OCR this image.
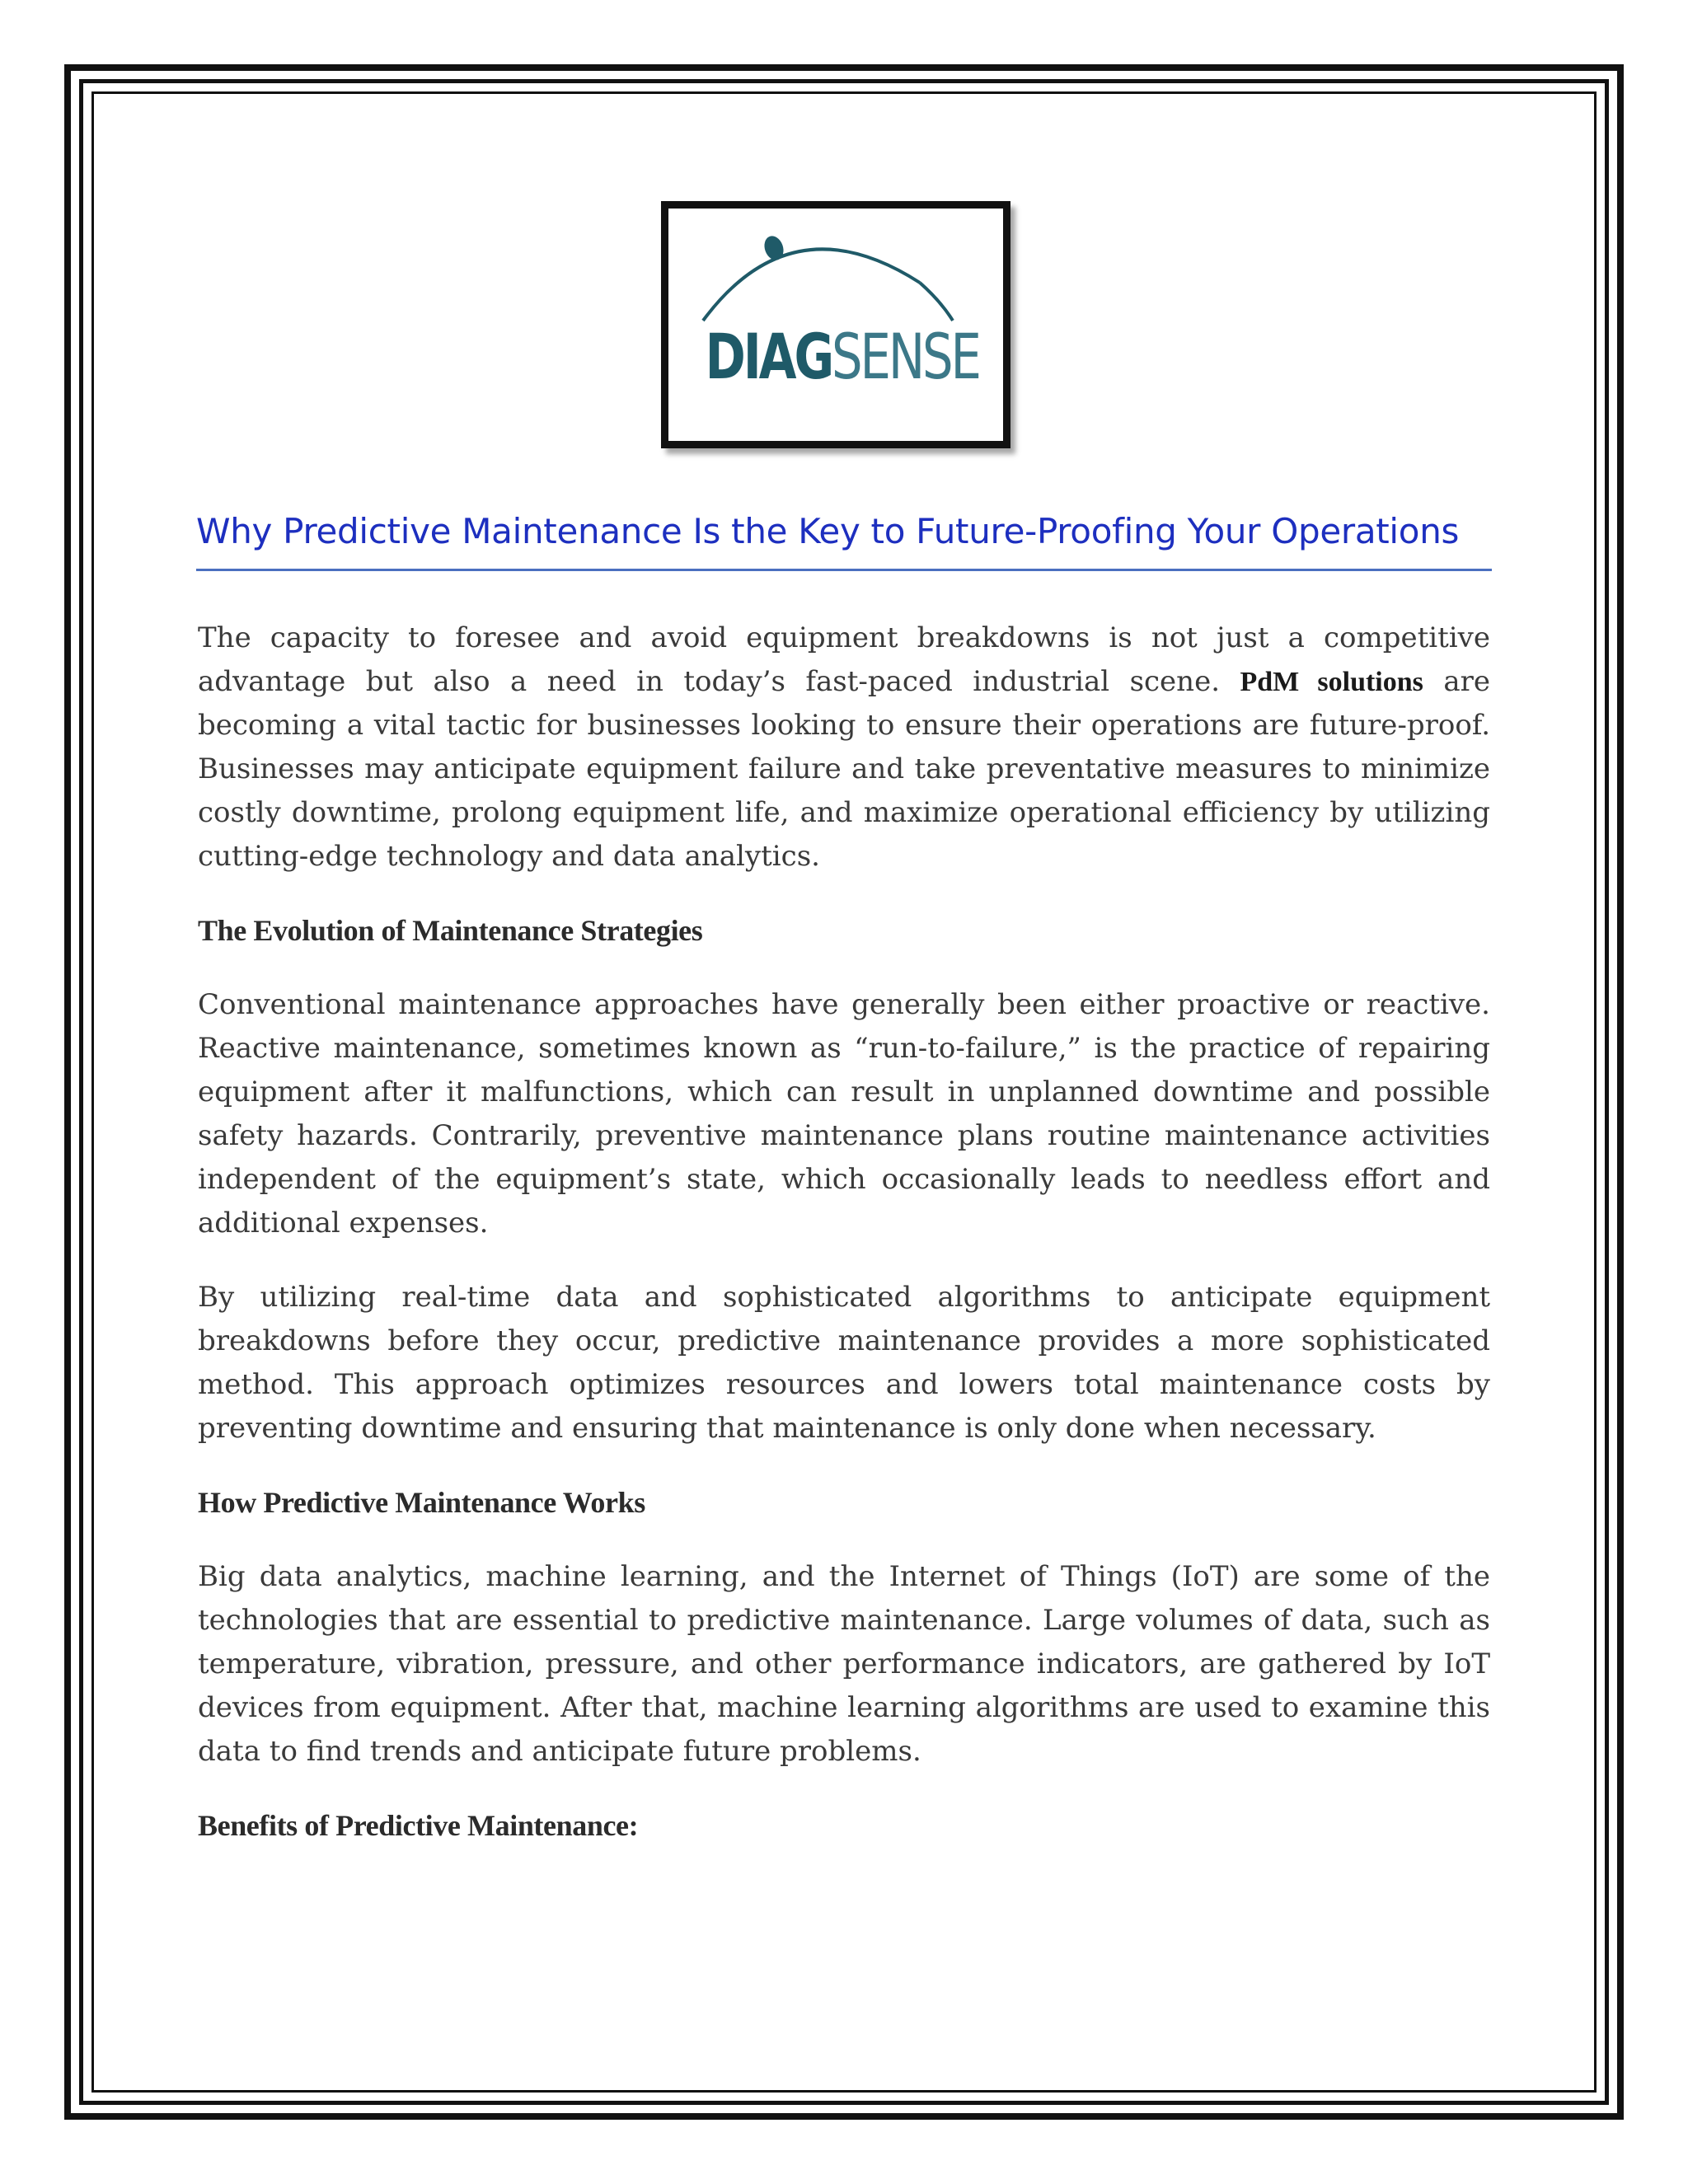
DIAGSENSE
Why Predictive Maintenance Is the Key to Future-Proofing Your Operations

The capacity to foresee and avoid equipment breakdowns is not just a competitive advantage but also a need in today’s fast-paced industrial scene. PdM solutions are becoming a vital tactic for businesses looking to ensure their operations are future-proof. Businesses may anticipate equipment failure and take preventative measures to minimize costly downtime, prolong equipment life, and maximize operational efficiency by utilizing cutting-edge technology and data analytics.

The Evolution of Maintenance Strategies

Conventional maintenance approaches have generally been either proactive or reactive. Reactive maintenance, sometimes known as “run-to-failure,” is the practice of repairing equipment after it malfunctions, which can result in unplanned downtime and possible safety hazards. Contrarily, preventive maintenance plans routine maintenance activities independent of the equipment’s state, which occasionally leads to needless effort and additional expenses.

By utilizing real-time data and sophisticated algorithms to anticipate equipment breakdowns before they occur, predictive maintenance provides a more sophisticated method. This approach optimizes resources and lowers total maintenance costs by preventing downtime and ensuring that maintenance is only done when necessary.

How Predictive Maintenance Works

Big data analytics, machine learning, and the Internet of Things (IoT) are some of the technologies that are essential to predictive maintenance. Large volumes of data, such as temperature, vibration, pressure, and other performance indicators, are gathered by IoT devices from equipment. After that, machine learning algorithms are used to examine this data to find trends and anticipate future problems.

Benefits of Predictive Maintenance:
